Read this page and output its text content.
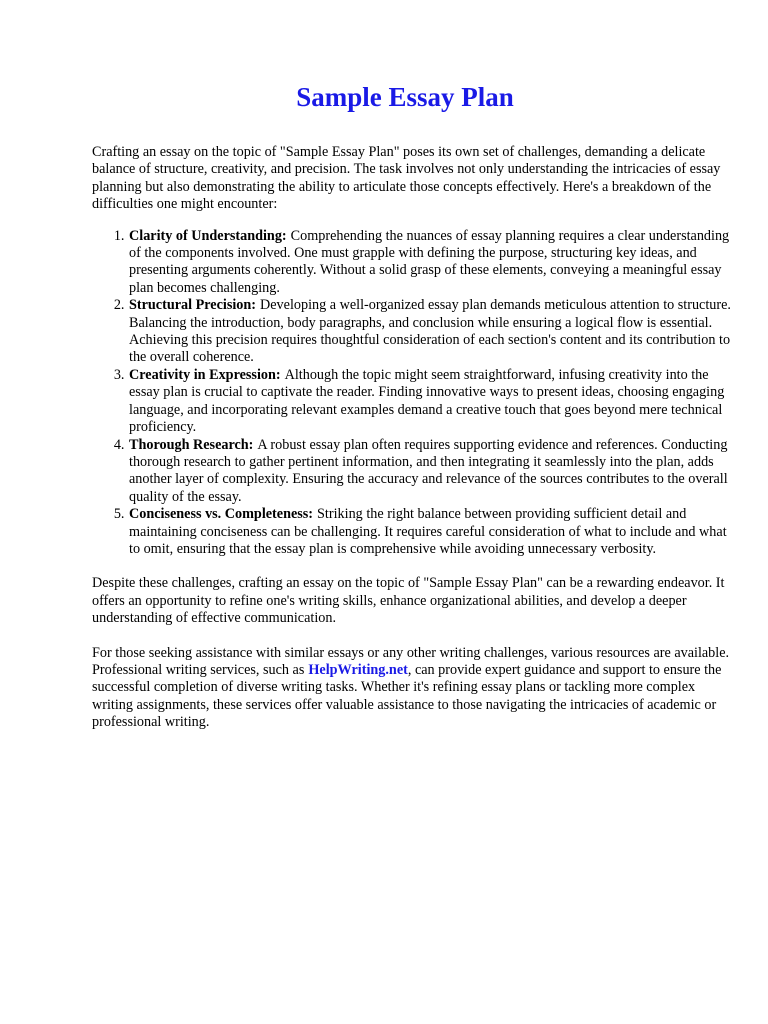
Sample Essay Plan

Crafting an essay on the topic of "Sample Essay Plan" poses its own set of challenges, demanding a delicate balance of structure, creativity, and precision. The task involves not only understanding the intricacies of essay planning but also demonstrating the ability to articulate those concepts effectively. Here's a breakdown of the difficulties one might encounter:

1. Clarity of Understanding: Comprehending the nuances of essay planning requires a clear understanding of the components involved. One must grapple with defining the purpose, structuring key ideas, and presenting arguments coherently. Without a solid grasp of these elements, conveying a meaningful essay plan becomes challenging.
2. Structural Precision: Developing a well-organized essay plan demands meticulous attention to structure. Balancing the introduction, body paragraphs, and conclusion while ensuring a logical flow is essential. Achieving this precision requires thoughtful consideration of each section's content and its contribution to the overall coherence.
3. Creativity in Expression: Although the topic might seem straightforward, infusing creativity into the essay plan is crucial to captivate the reader. Finding innovative ways to present ideas, choosing engaging language, and incorporating relevant examples demand a creative touch that goes beyond mere technical proficiency.
4. Thorough Research: A robust essay plan often requires supporting evidence and references. Conducting thorough research to gather pertinent information, and then integrating it seamlessly into the plan, adds another layer of complexity. Ensuring the accuracy and relevance of the sources contributes to the overall quality of the essay.
5. Conciseness vs. Completeness: Striking the right balance between providing sufficient detail and maintaining conciseness can be challenging. It requires careful consideration of what to include and what to omit, ensuring that the essay plan is comprehensive while avoiding unnecessary verbosity.

Despite these challenges, crafting an essay on the topic of "Sample Essay Plan" can be a rewarding endeavor. It offers an opportunity to refine one's writing skills, enhance organizational abilities, and develop a deeper understanding of effective communication.

For those seeking assistance with similar essays or any other writing challenges, various resources are available. Professional writing services, such as HelpWriting.net, can provide expert guidance and support to ensure the successful completion of diverse writing tasks. Whether it's refining essay plans or tackling more complex writing assignments, these services offer valuable assistance to those navigating the intricacies of academic or professional writing.
